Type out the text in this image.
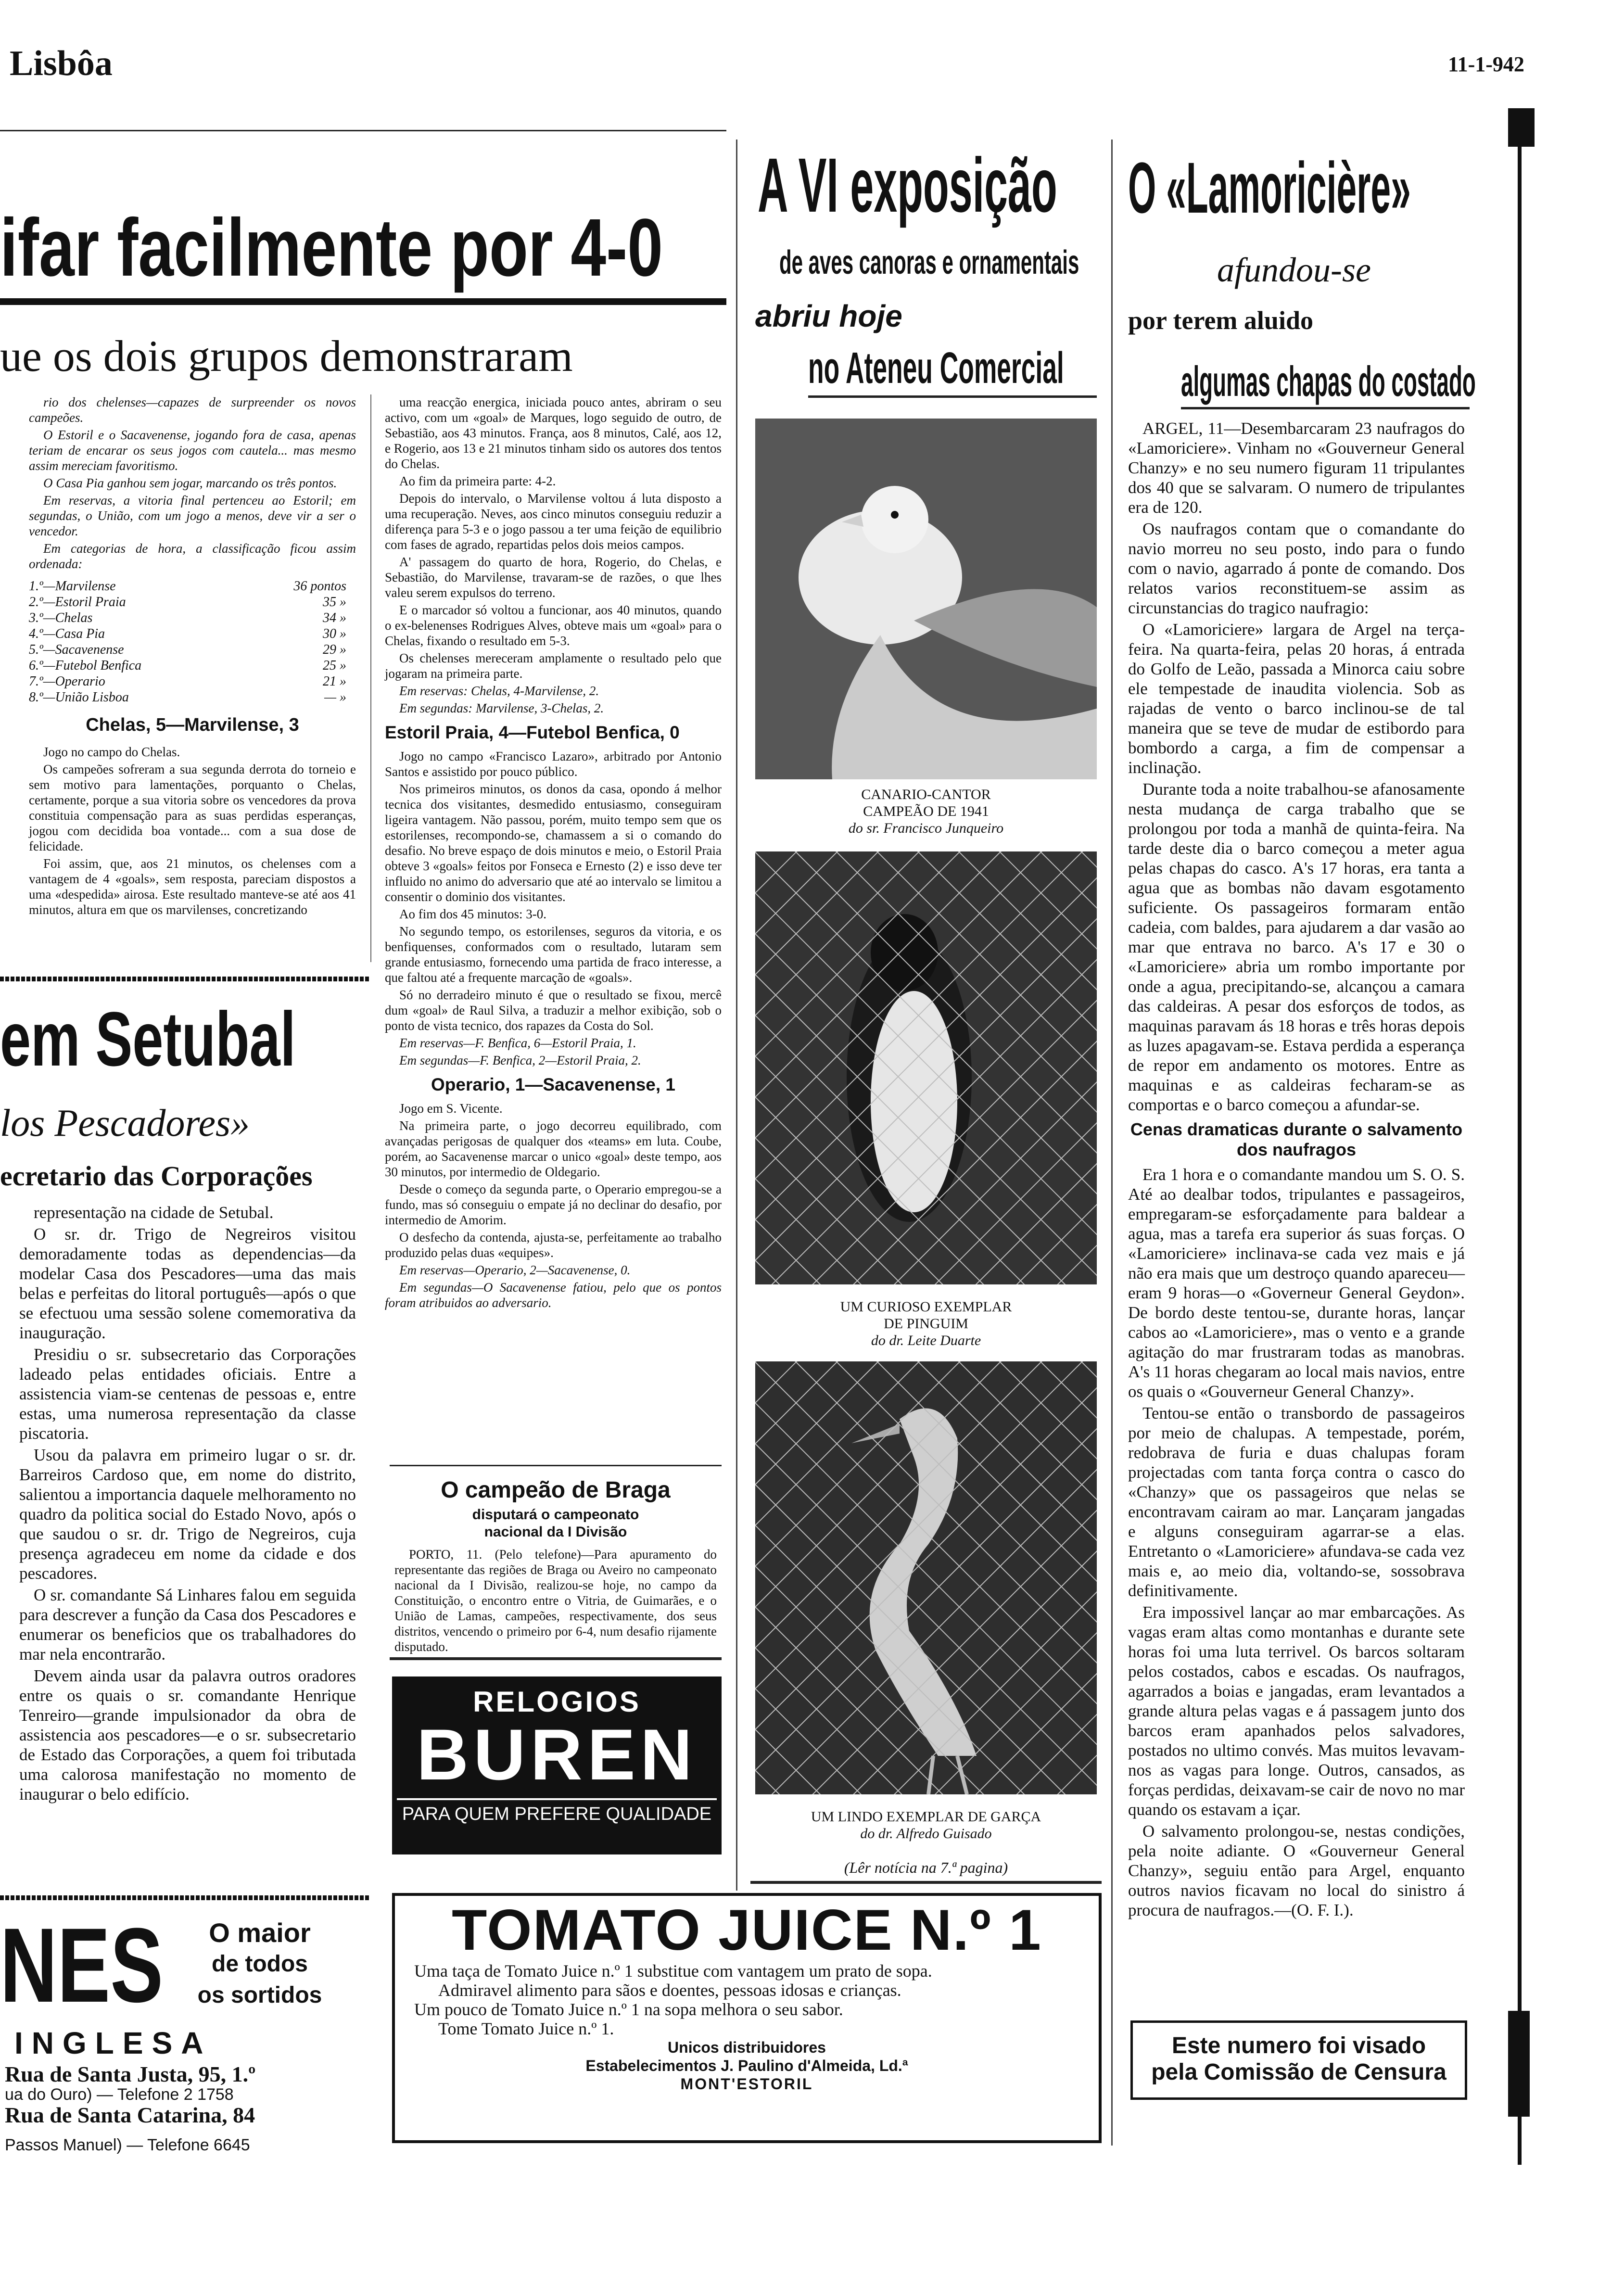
Lisbôa	11-1-942
ifar facilmente por 4-0
ue os dois grupos demonstraram

rio dos chelenses—capazes de surpreender os novos campeões.

O Estoril e o Sacavenense, jogando fora de casa, apenas teriam de encarar os seus jogos com cautela... mas mesmo assim mereciam favoritismo.

O Casa Pia ganhou sem jogar, marcando os três pontos.

Em reservas, a vitoria final pertenceu ao Estoril; em segundas, o União, com um jogo a menos, deve vir a ser o vencedor.

Em categorias de hora, a classificação ficou assim ordenada:

1.º—Marvilense	36 pontos
2.º—Estoril Praia	35 »
3.º—Chelas	34 »
4.º—Casa Pia	30 »
5.º—Sacavenense	29 »
6.º—Futebol Benfica	25 »
7.º—Operario	21 »
8.º—União Lisboa	— »
Chelas, 5—Marvilense, 3

Jogo no campo do Chelas.

Os campeões sofreram a sua segunda derrota do torneio e sem motivo para lamentações, porquanto o Chelas, certamente, porque a sua vitoria sobre os vencedores da prova constituia compensação para as suas perdidas esperanças, jogou com decidida boa vontade... com a sua dose de felicidade.

Foi assim, que, aos 21 minutos, os chelenses com a vantagem de 4 «goals», sem resposta, pareciam dispostos a uma «despedida» airosa. Este resultado manteve-se até aos 41 minutos, altura em que os marvilenses, concretizando

uma reacção energica, iniciada pouco antes, abriram o seu activo, com um «goal» de Marques, logo seguido de outro, de Sebastião, aos 43 minutos. França, aos 8 minutos, Calé, aos 12, e Rogerio, aos 13 e 21 minutos tinham sido os autores dos tentos do Chelas.

Ao fim da primeira parte: 4-2.

Depois do intervalo, o Marvilense voltou á luta disposto a uma recuperação. Neves, aos cinco minutos conseguiu reduzir a diferença para 5-3 e o jogo passou a ter uma feição de equilibrio com fases de agrado, repartidas pelos dois meios campos.

A' passagem do quarto de hora, Rogerio, do Chelas, e Sebastião, do Marvilense, travaram-se de razões, o que lhes valeu serem expulsos do terreno.

E o marcador só voltou a funcionar, aos 40 minutos, quando o ex-belenenses Rodrigues Alves, obteve mais um «goal» para o Chelas, fixando o resultado em 5-3.

Os chelenses mereceram amplamente o resultado pelo que jogaram na primeira parte.

Em reservas: Chelas, 4-Marvilense, 2.

Em segundas: Marvilense, 3-Chelas, 2.

Estoril Praia, 4—Futebol Benfica, 0

Jogo no campo «Francisco Lazaro», arbitrado por Antonio Santos e assistido por pouco público.

Nos primeiros minutos, os donos da casa, opondo á melhor tecnica dos visitantes, desmedido entusiasmo, conseguiram ligeira vantagem. Não passou, porém, muito tempo sem que os estorilenses, recompondo-se, chamassem a si o comando do desafio. No breve espaço de dois minutos e meio, o Estoril Praia obteve 3 «goals» feitos por Fonseca e Ernesto (2) e isso deve ter influido no animo do adversario que até ao intervalo se limitou a consentir o dominio dos visitantes.

Ao fim dos 45 minutos: 3-0.

No segundo tempo, os estorilenses, seguros da vitoria, e os benfiquenses, conformados com o resultado, lutaram sem grande entusiasmo, fornecendo uma partida de fraco interesse, a que faltou até a frequente marcação de «goals».

Só no derradeiro minuto é que o resultado se fixou, mercê dum «goal» de Raul Silva, a traduzir a melhor exibição, sob o ponto de vista tecnico, dos rapazes da Costa do Sol.

Em reservas—F. Benfica, 6—Estoril Praia, 1.

Em segundas—F. Benfica, 2—Estoril Praia, 2.

Operario, 1—Sacavenense, 1

Jogo em S. Vicente.

Na primeira parte, o jogo decorreu equilibrado, com avançadas perigosas de qualquer dos «teams» em luta. Coube, porém, ao Sacavenense marcar o unico «goal» deste tempo, aos 30 minutos, por intermedio de Oldegario.

Desde o começo da segunda parte, o Operario empregou-se a fundo, mas só conseguiu o empate já no declinar do desafio, por intermedio de Amorim.

O desfecho da contenda, ajusta-se, perfeitamente ao trabalho produzido pelas duas «equipes».

Em reservas—Operario, 2—Sacavenense, 0.

Em segundas—O Sacavenense fatiou, pelo que os pontos foram atribuidos ao adversario.

O campeão de Braga
disputará o campeonato
nacional da I Divisão
PORTO, 11. (Pelo telefone)—Para apuramento do representante das regiões de Braga ou Aveiro no campeonato nacional da I Divisão, realizou-se hoje, no campo da Constituição, o encontro entre o Vitria, de Guimarães, e o União de Lamas, campeões, respectivamente, dos seus distritos, vencendo o primeiro por 6-4, num desafio rijamente disputado.
RELOGIOS
BUREN
PARA QUEM PREFERE QUALIDADE
em Setubal
los Pescadores»
ecretario das Corporações

representação na cidade de Setubal.

O sr. dr. Trigo de Negreiros visitou demoradamente todas as dependencias—da modelar Casa dos Pescadores—uma das mais belas e perfeitas do litoral português—após o que se efectuou uma sessão solene comemorativa da inauguração.

Presidiu o sr. subsecretario das Corporações ladeado pelas entidades oficiais. Entre a assistencia viam-se centenas de pessoas e, entre estas, uma numerosa representação da classe piscatoria.

Usou da palavra em primeiro lugar o sr. dr. Barreiros Cardoso que, em nome do distrito, salientou a importancia daquele melhoramento no quadro da politica social do Estado Novo, após o que saudou o sr. dr. Trigo de Negreiros, cuja presença agradeceu em nome da cidade e dos pescadores.

O sr. comandante Sá Linhares falou em seguida para descrever a função da Casa dos Pescadores e enumerar os beneficios que os trabalhadores do mar nela encontrarão.

Devem ainda usar da palavra outros oradores entre os quais o sr. comandante Henrique Tenreiro—grande impulsionador da obra de assistencia aos pescadores—e o sr. subsecretario de Estado das Corporações, a quem foi tributada uma calorosa manifestação no momento de inaugurar o belo edifício.

NES	O maior
de todos
os sortidos
INGLESA
Rua de Santa Justa, 95, 1.º
ua do Ouro) — Telefone 2 1758
Rua de Santa Catarina, 84
Passos Manuel) — Telefone 6645
A VI exposição
de aves canoras e ornamentais
abriu hoje
no Ateneu Comercial
CANARIO-CANTOR
CAMPEÃO DE 1941
do sr. Francisco Junqueiro
UM CURIOSO EXEMPLAR
DE PINGUIM
do dr. Leite Duarte
UM LINDO EXEMPLAR DE GARÇA
do dr. Alfredo Guisado
(Lêr notícia na 7.ª pagina)
TOMATO JUICE N.º 1
Uma taça de Tomato Juice n.º 1 substitue com vantagem um prato de sopa.
Admiravel alimento para sãos e doentes, pessoas idosas e crianças.
Um pouco de Tomato Juice n.º 1 na sopa melhora o seu sabor.
Tome Tomato Juice n.º 1.
Unicos distribuidores
Estabelecimentos J. Paulino d'Almeida, Ld.ª
MONT'ESTORIL
O «Lamoricière»
afundou-se
por terem aluido
algumas chapas do costado

ARGEL, 11—Desembarcaram 23 naufragos do «Lamoriciere». Vinham no «Gouverneur General Chanzy» e no seu numero figuram 11 tripulantes dos 40 que se salvaram. O numero de tripulantes era de 120.

Os naufragos contam que o comandante do navio morreu no seu posto, indo para o fundo com o navio, agarrado á ponte de comando. Dos relatos varios reconstituem-se assim as circunstancias do tragico naufragio:

O «Lamoriciere» largara de Argel na terça-feira. Na quarta-feira, pelas 20 horas, á entrada do Golfo de Leão, passada a Minorca caiu sobre ele tempestade de inaudita violencia. Sob as rajadas de vento o barco inclinou-se de tal maneira que se teve de mudar de estibordo para bombordo a carga, a fim de compensar a inclinação.

Durante toda a noite trabalhou-se afanosamente nesta mudança de carga trabalho que se prolongou por toda a manhã de quinta-feira. Na tarde deste dia o barco começou a meter agua pelas chapas do casco. A's 17 horas, era tanta a agua que as bombas não davam esgotamento suficiente. Os passageiros formaram então cadeia, com baldes, para ajudarem a dar vasão ao mar que entrava no barco. A's 17 e 30 o «Lamoriciere» abria um rombo importante por onde a agua, precipitando-se, alcançou a camara das caldeiras. A pesar dos esforços de todos, as maquinas paravam ás 18 horas e três horas depois as luzes apagavam-se. Estava perdida a esperança de repor em andamento os motores. Entre as maquinas e as caldeiras fecharam-se as comportas e o barco começou a afundar-se.

Cenas dramaticas durante o salvamento dos naufragos

Era 1 hora e o comandante mandou um S. O. S. Até ao dealbar todos, tripulantes e passageiros, empregaram-se esforçadamente para baldear a agua, mas a tarefa era superior ás suas forças. O «Lamoriciere» inclinava-se cada vez mais e já não era mais que um destroço quando apareceu—eram 9 horas—o «Governeur General Geydon». De bordo deste tentou-se, durante horas, lançar cabos ao «Lamoriciere», mas o vento e a grande agitação do mar frustraram todas as manobras. A's 11 horas chegaram ao local mais navios, entre os quais o «Gouverneur General Chanzy».

Tentou-se então o transbordo de passageiros por meio de chalupas. A tempestade, porém, redobrava de furia e duas chalupas foram projectadas com tanta força contra o casco do «Chanzy» que os passageiros que nelas se encontravam cairam ao mar. Lançaram jangadas e alguns conseguiram agarrar-se a elas. Entretanto o «Lamoriciere» afundava-se cada vez mais e, ao meio dia, voltando-se, sossobrava definitivamente.

Era impossivel lançar ao mar embarcações. As vagas eram altas como montanhas e durante sete horas foi uma luta terrivel. Os barcos soltaram pelos costados, cabos e escadas. Os naufragos, agarrados a boias e jangadas, eram levantados a grande altura pelas vagas e á passagem junto dos barcos eram apanhados pelos salvadores, postados no ultimo convés. Mas muitos levavam-nos as vagas para longe. Outros, cansados, as forças perdidas, deixavam-se cair de novo no mar quando os estavam a içar.

O salvamento prolongou-se, nestas condições, pela noite adiante. O «Gouverneur General Chanzy», seguiu então para Argel, enquanto outros navios ficavam no local do sinistro á procura de naufragos.—(O. F. I.).

Este numero foi visado
pela Comissão de Censura
